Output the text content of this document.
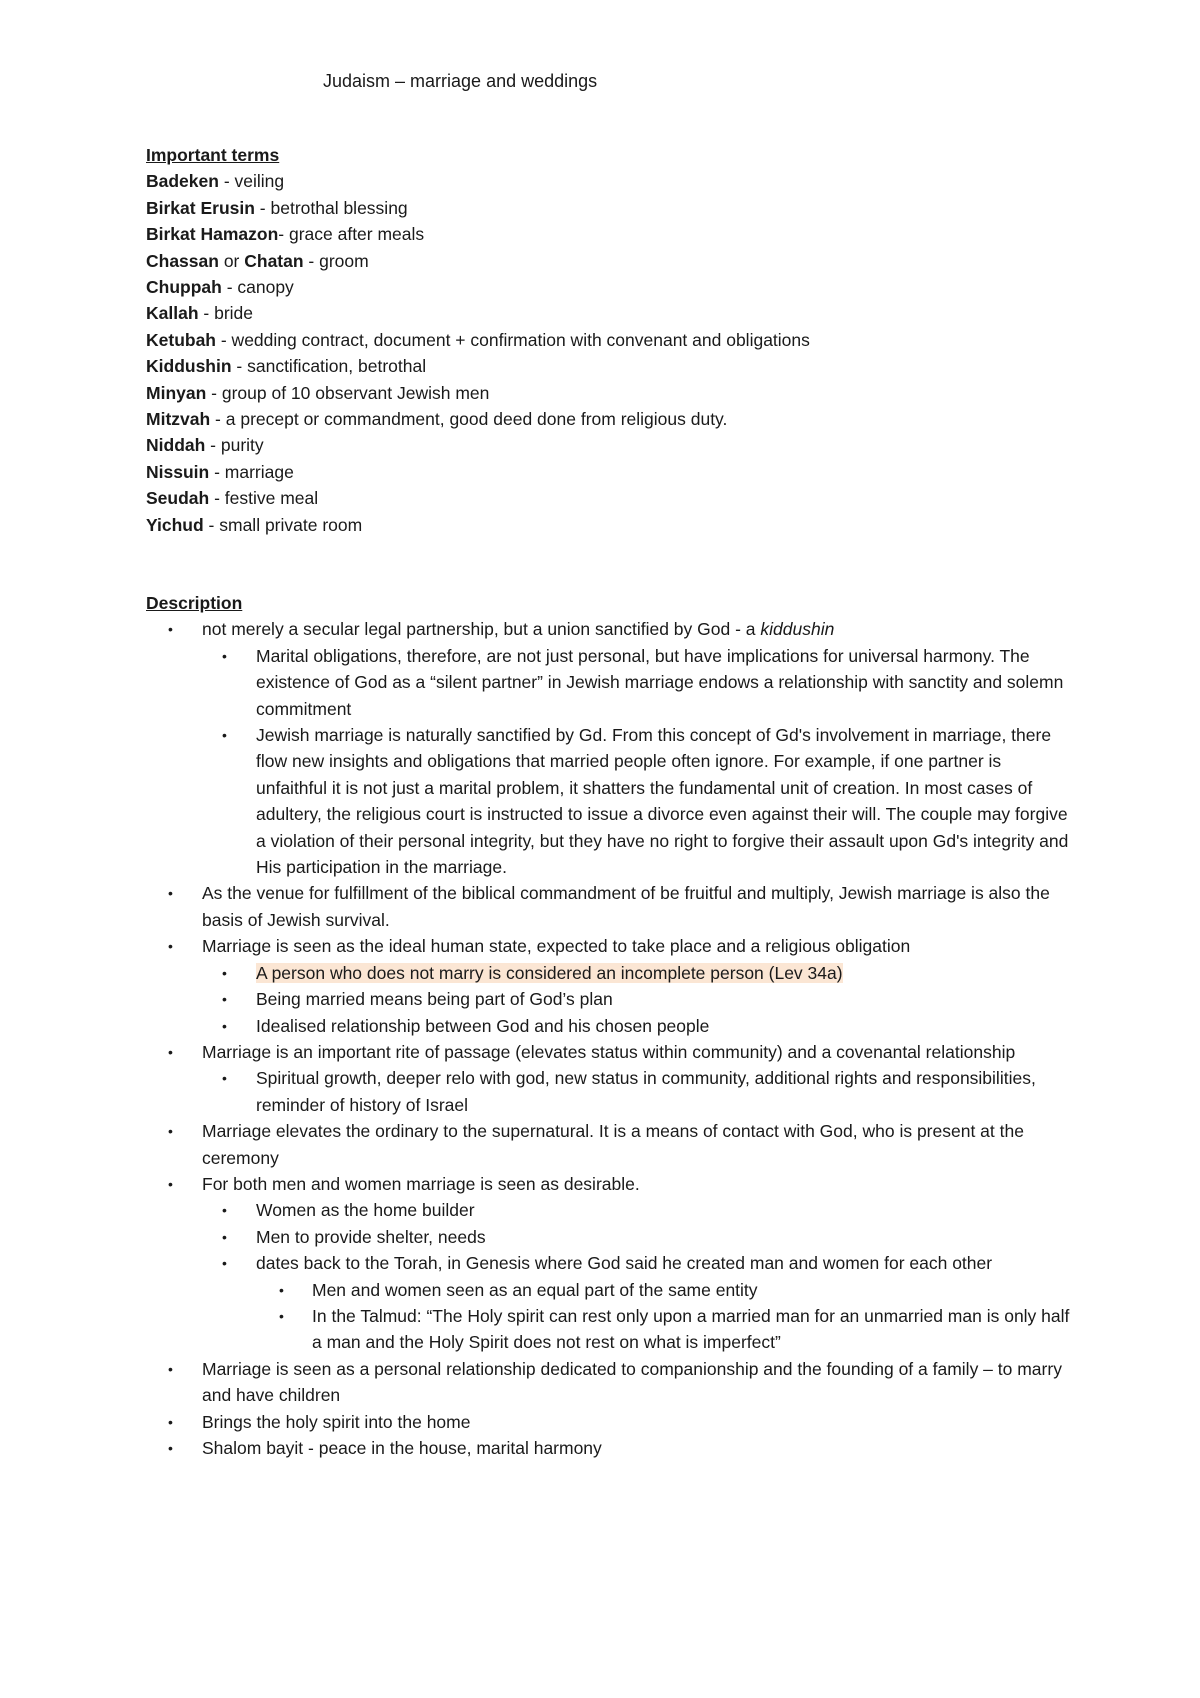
Judaism – marriage and weddings
Important terms
Badeken - veiling
Birkat Erusin - betrothal blessing
Birkat Hamazon- grace after meals
Chassan or Chatan - groom
Chuppah - canopy
Kallah - bride
Ketubah - wedding contract, document + confirmation with convenant and obligations
Kiddushin - sanctification, betrothal
Minyan - group of 10 observant Jewish men
Mitzvah - a precept or commandment, good deed done from religious duty.
Niddah - purity
Nissuin - marriage
Seudah - festive meal
Yichud - small private room
Description
• not merely a secular legal partnership, but a union sanctified by God - a kiddushin
• Marital obligations, therefore, are not just personal, but have implications for universal harmony. The existence of God as a “silent partner” in Jewish marriage endows a relationship with sanctity and solemn commitment
• Jewish marriage is naturally sanctified by Gd. From this concept of Gd's involvement in marriage, there flow new insights and obligations that married people often ignore. For example, if one partner is unfaithful it is not just a marital problem, it shatters the fundamental unit of creation. In most cases of adultery, the religious court is instructed to issue a divorce even against their will. The couple may forgive a violation of their personal integrity, but they have no right to forgive their assault upon Gd's integrity and His participation in the marriage.
• As the venue for fulfillment of the biblical commandment of be fruitful and multiply, Jewish marriage is also the basis of Jewish survival.
• Marriage is seen as the ideal human state, expected to take place and a religious obligation
• A person who does not marry is considered an incomplete person (Lev 34a)
• Being married means being part of God’s plan
• Idealised relationship between God and his chosen people
• Marriage is an important rite of passage (elevates status within community) and a covenantal relationship
• Spiritual growth, deeper relo with god, new status in community, additional rights and responsibilities, reminder of history of Israel
• Marriage elevates the ordinary to the supernatural. It is a means of contact with God, who is present at the ceremony
• For both men and women marriage is seen as desirable.
• Women as the home builder
• Men to provide shelter, needs
• dates back to the Torah, in Genesis where God said he created man and women for each other
• Men and women seen as an equal part of the same entity
• In the Talmud: “The Holy spirit can rest only upon a married man for an unmarried man is only half a man and the Holy Spirit does not rest on what is imperfect”
• Marriage is seen as a personal relationship dedicated to companionship and the founding of a family – to marry and have children
• Brings the holy spirit into the home
• Shalom bayit - peace in the house, marital harmony
